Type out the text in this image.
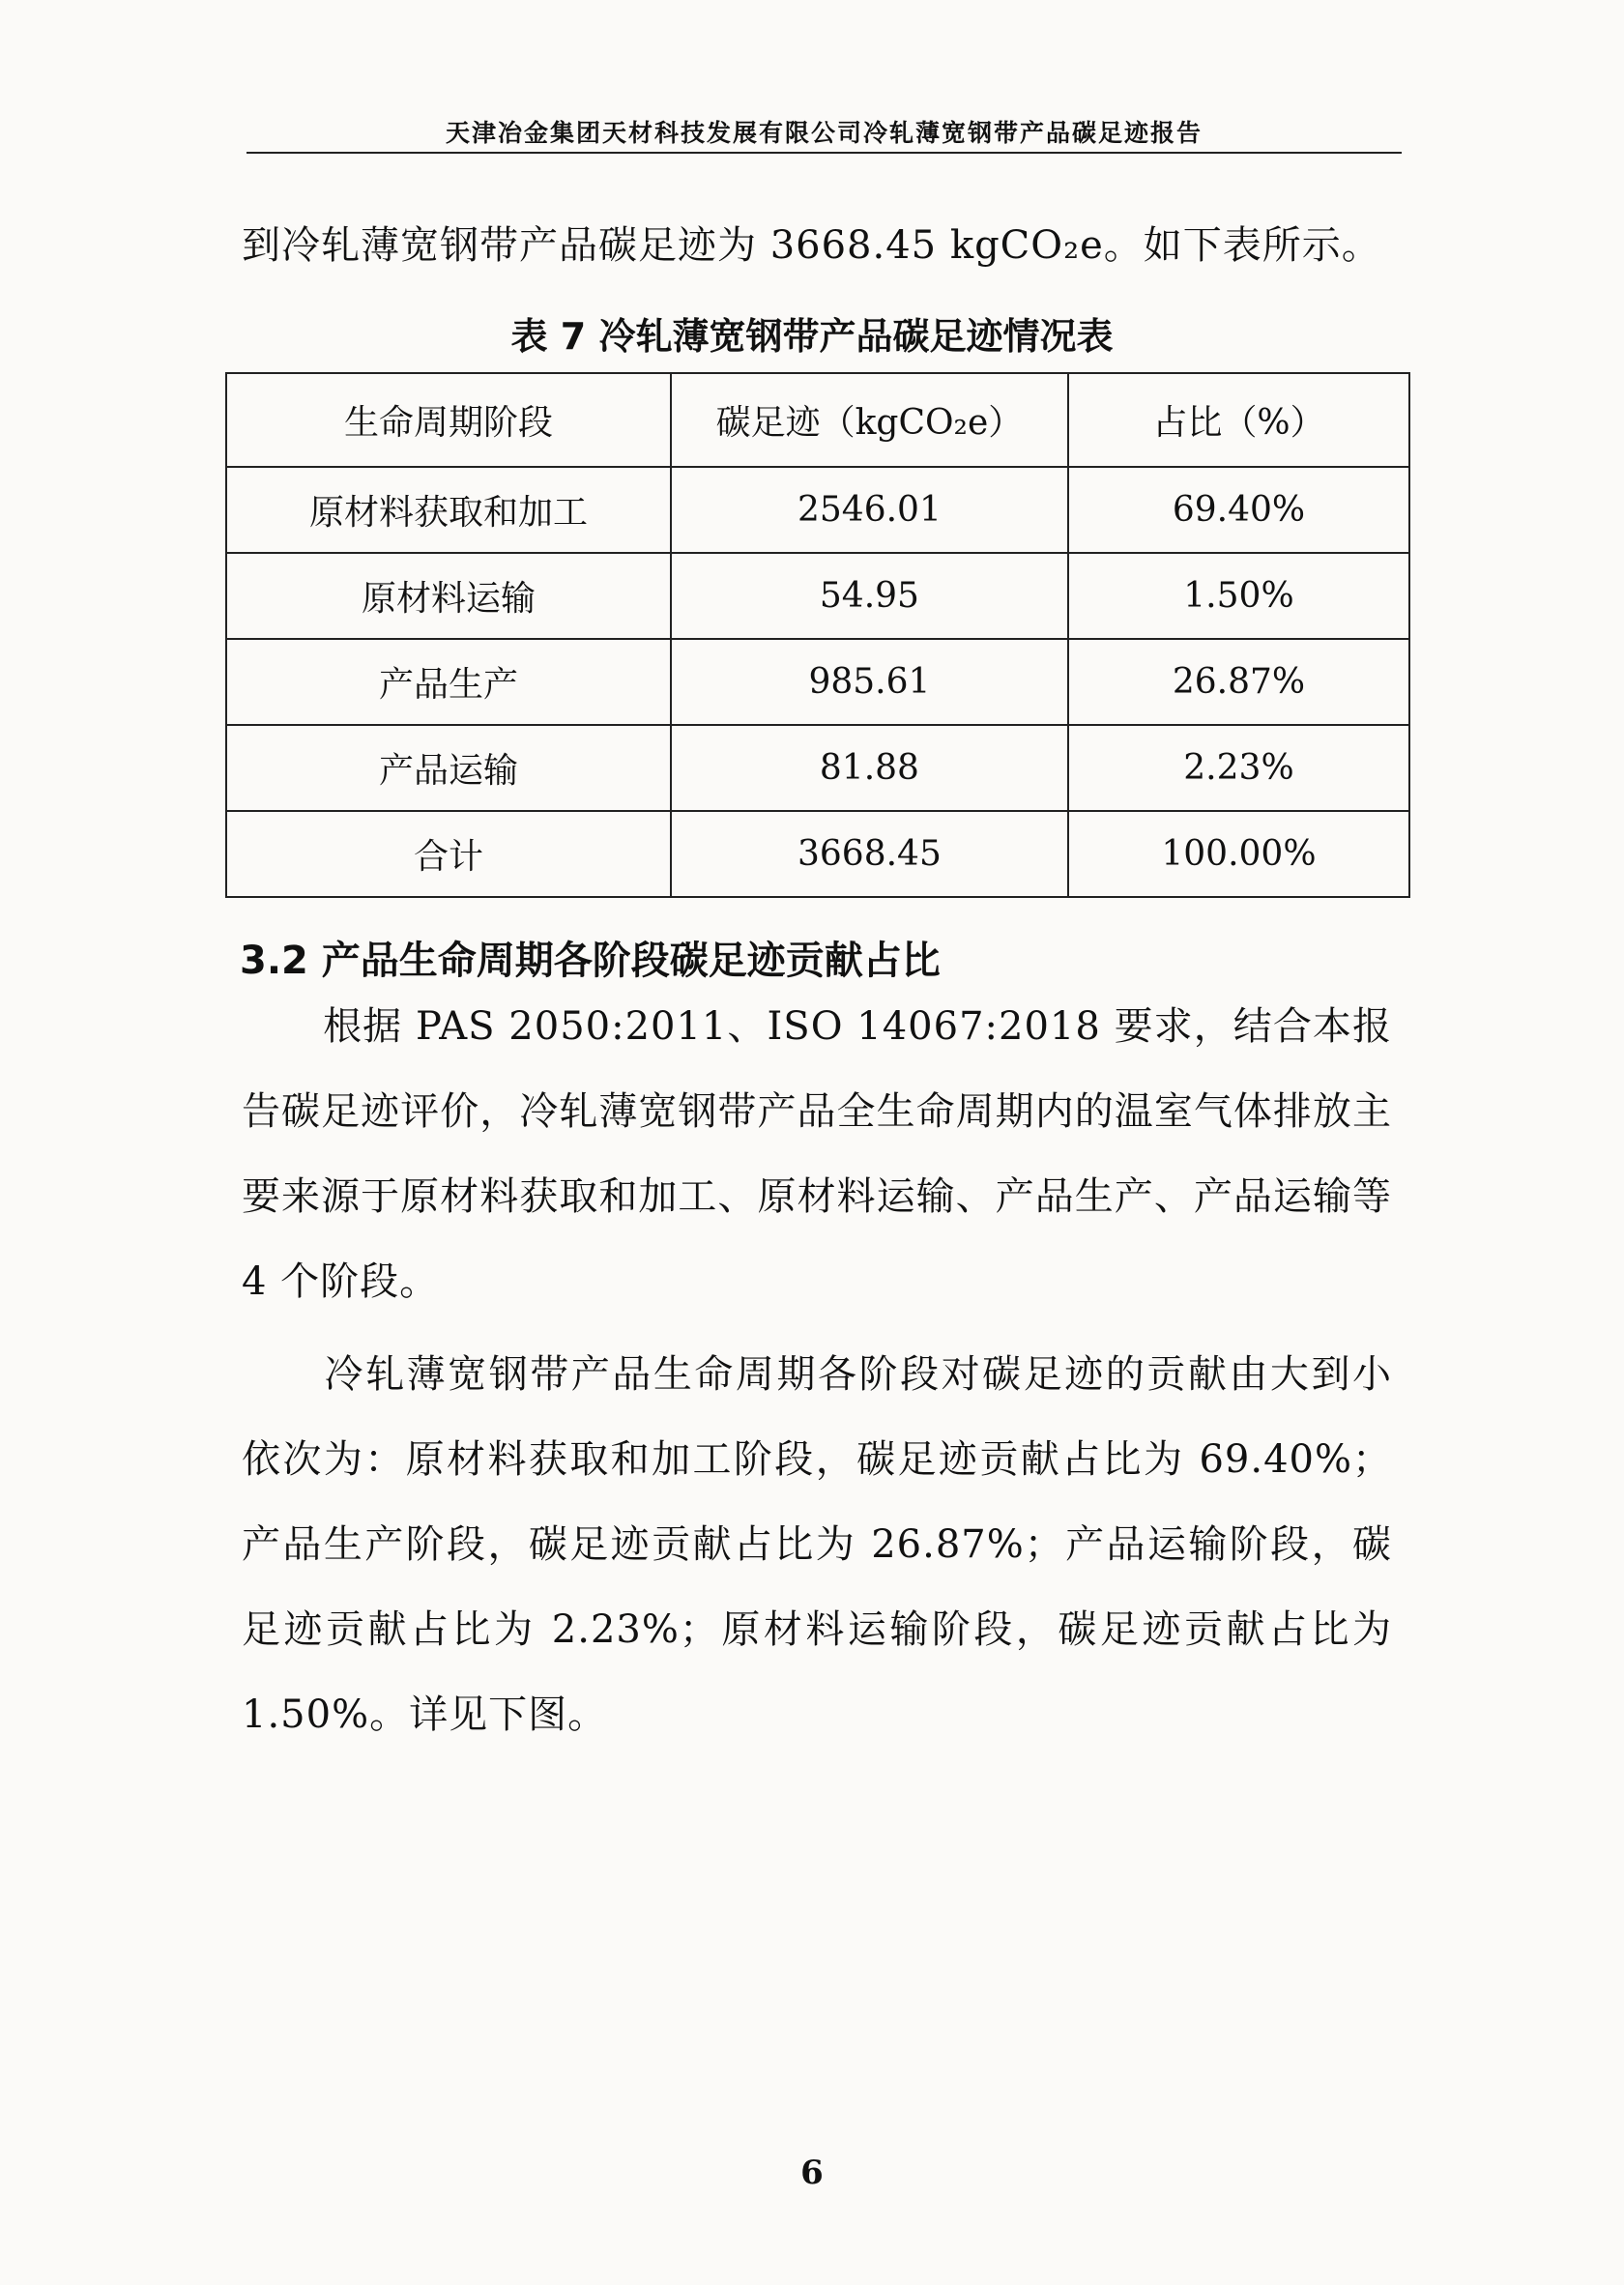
天津冶金集团天材科技发展有限公司冷轧薄宽钢带产品碳足迹报告
到冷轧薄宽钢带产品碳足迹为 3668.45 kgCO₂e。如下表所示。
表 7 冷轧薄宽钢带产品碳足迹情况表
生命周期阶段	碳足迹（kgCO₂e）	占比（%）
原材料获取和加工	2546.01	69.40%
原材料运输	54.95	1.50%
产品生产	985.61	26.87%
产品运输	81.88	2.23%
合计	3668.45	100.00%
3.2 产品生命周期各阶段碳足迹贡献占比
根据 PAS 2050:2011、ISO 14067:2018 要求，结合本报告碳足迹评价，冷轧薄宽钢带产品全生命周期内的温室气体排放主要来源于原材料获取和加工、原材料运输、产品生产、产品运输等 4 个阶段。
冷轧薄宽钢带产品生命周期各阶段对碳足迹的贡献由大到小依次为：原材料获取和加工阶段，碳足迹贡献占比为 69.40%；产品生产阶段，碳足迹贡献占比为 26.87%；产品运输阶段，碳足迹贡献占比为 2.23%；原材料运输阶段，碳足迹贡献占比为 1.50%。详见下图。
6
